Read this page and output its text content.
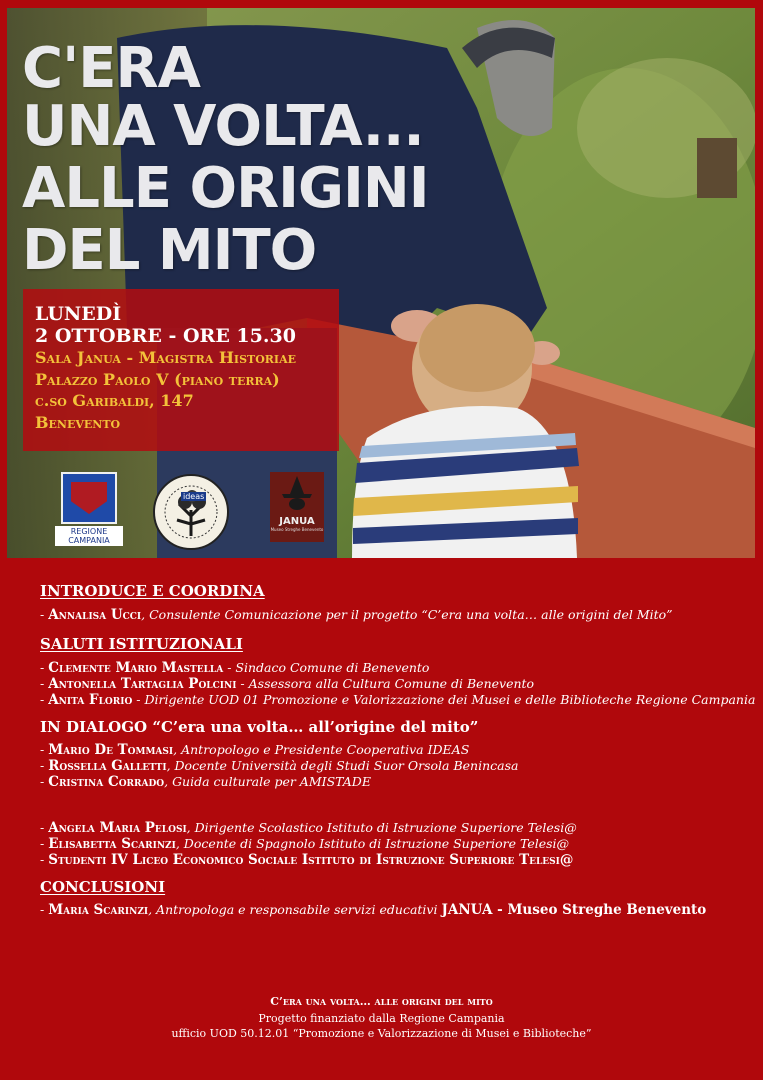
C'ERA
UNA VOLTA...
ALLE ORIGINI
DEL MITO
LUNEDÌ
2 OTTOBRE - ORE 15.30
Sala Janua - Magistra Historiae
Palazzo Paolo V (piano terra)
c.so Garibaldi, 147
Benevento
REGIONE CAMPANIA
ideas
JANUA
Museo Streghe Benevento
INTRODUCE E COORDINA
- Annalisa Ucci, Consulente Comunicazione per il progetto “C’era una volta… alle origini del Mito”
SALUTI ISTITUZIONALI
- Clemente Mario Mastella - Sindaco Comune di Benevento
- Antonella Tartaglia Polcini - Assessora alla Cultura Comune di Benevento
- Anita Florio - Dirigente UOD 01 Promozione e Valorizzazione dei Musei e delle Biblioteche Regione Campania
IN DIALOGO “C’era una volta… all’origine del mito”
- Mario De Tommasi, Antropologo e Presidente Cooperativa IDEAS
- Rossella Galletti, Docente Università degli Studi Suor Orsola Benincasa
- Cristina Corrado, Guida culturale per AMISTADE
- Angela Maria Pelosi, Dirigente Scolastico Istituto di Istruzione Superiore Telesi@
- Elisabetta Scarinzi, Docente di Spagnolo Istituto di Istruzione Superiore Telesi@
- Studenti IV Liceo Economico Sociale Istituto di Istruzione Superiore Telesi@
CONCLUSIONI
- Maria Scarinzi, Antropologa e responsabile servizi educativi JANUA - Museo Streghe Benevento
C’era una volta… alle origini del mito
Progetto finanziato dalla Regione Campania
ufficio UOD 50.12.01 “Promozione e Valorizzazione di Musei e Biblioteche”
